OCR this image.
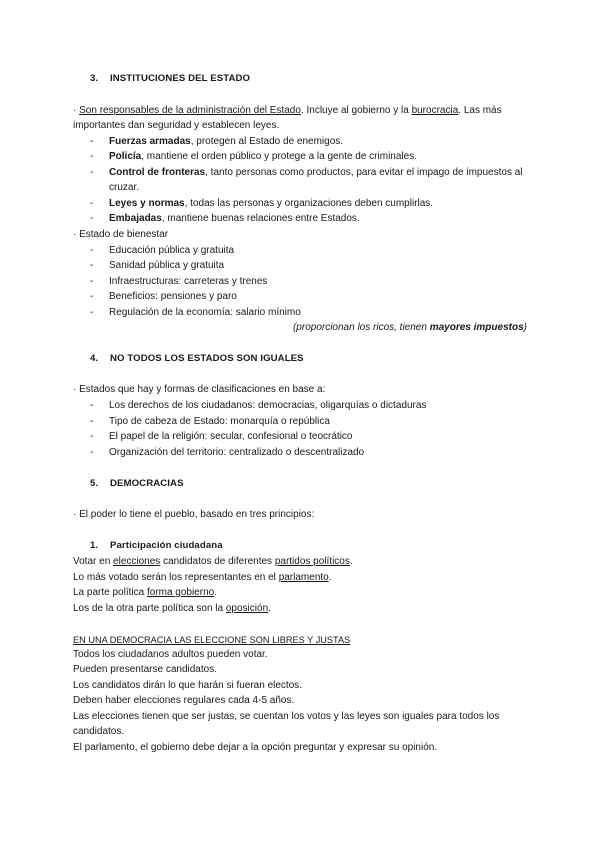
3. INSTITUCIONES DEL ESTADO
· Son responsables de la administración del Estado. Incluye al gobierno y la burocracia. Las más
importantes dan seguridad y establecen leyes.
- Fuerzas armadas, protegen al Estado de enemigos.
- Policía, mantiene el orden público y protege a la gente de criminales.
- Control de fronteras, tanto personas como productos, para evitar el impago de impuestos al
cruzar.
- Leyes y normas, todas las personas y organizaciones deben cumplirlas.
- Embajadas, mantiene buenas relaciones entre Estados.
· Estado de bienestar
- Educación pública y gratuita
- Sanidad pública y gratuita
- Infraestructuras: carreteras y trenes
- Beneficios: pensiones y paro
- Regulación de la economía: salario mínimo
(proporcionan los ricos, tienen mayores impuestos)
4. NO TODOS LOS ESTADOS SON IGUALES
· Estados que hay y formas de clasificaciones en base a:
- Los derechos de los ciudadanos: democracias, oligarquías o dictaduras
- Tipo de cabeza de Estado: monarquía o república
- El papel de la religión: secular, confesional o teocrático
- Organización del territorio: centralizado o descentralizado
5. DEMOCRACIAS
· El poder lo tiene el pueblo, basado en tres principios:
1. Participación ciudadana
Votar en elecciones candidatos de diferentes partidos políticos.
Lo más votado serán los representantes en el parlamento.
La parte política forma gobierno.
Los de la otra parte política son la oposición.
EN UNA DEMOCRACIA LAS ELECCIONE SON LIBRES Y JUSTAS
Todos los ciudadanos adultos pueden votar.
Pueden presentarse candidatos.
Los candidatos dirán lo que harán si fueran electos.
Deben haber elecciones regulares cada 4-5 años.
Las elecciones tienen que ser justas, se cuentan los votos y las leyes son iguales para todos los
candidatos.
El parlamento, el gobierno debe dejar a la opción preguntar y expresar su opinión.
